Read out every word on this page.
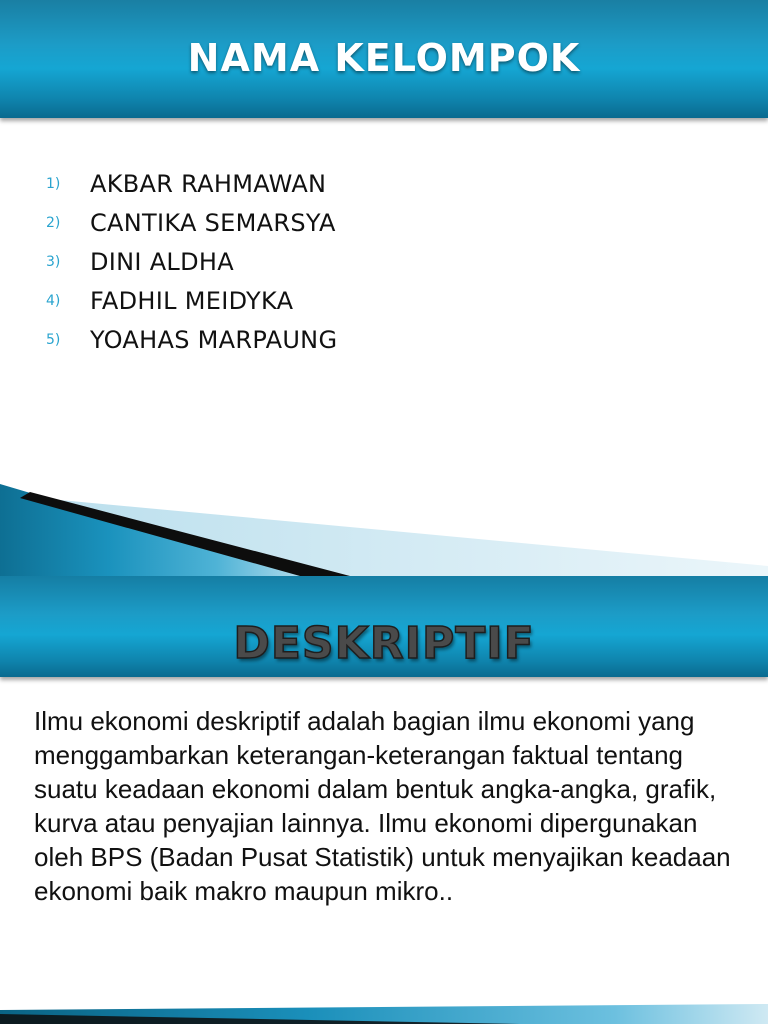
NAMA KELOMPOK
1)	AKBAR RAHMAWAN
2)	CANTIKA SEMARSYA
3)	DINI ALDHA
4)	FADHIL MEIDYKA
5)	YOAHAS MARPAUNG
DESKRIPTIF

Ilmu ekonomi deskriptif adalah bagian ilmu ekonomi yang menggambarkan keterangan-keterangan faktual tentang suatu keadaan ekonomi dalam bentuk angka-angka, grafik, kurva atau penyajian lainnya. Ilmu ekonomi dipergunakan oleh BPS (Badan Pusat Statistik) untuk menyajikan keadaan ekonomi baik makro maupun mikro..
